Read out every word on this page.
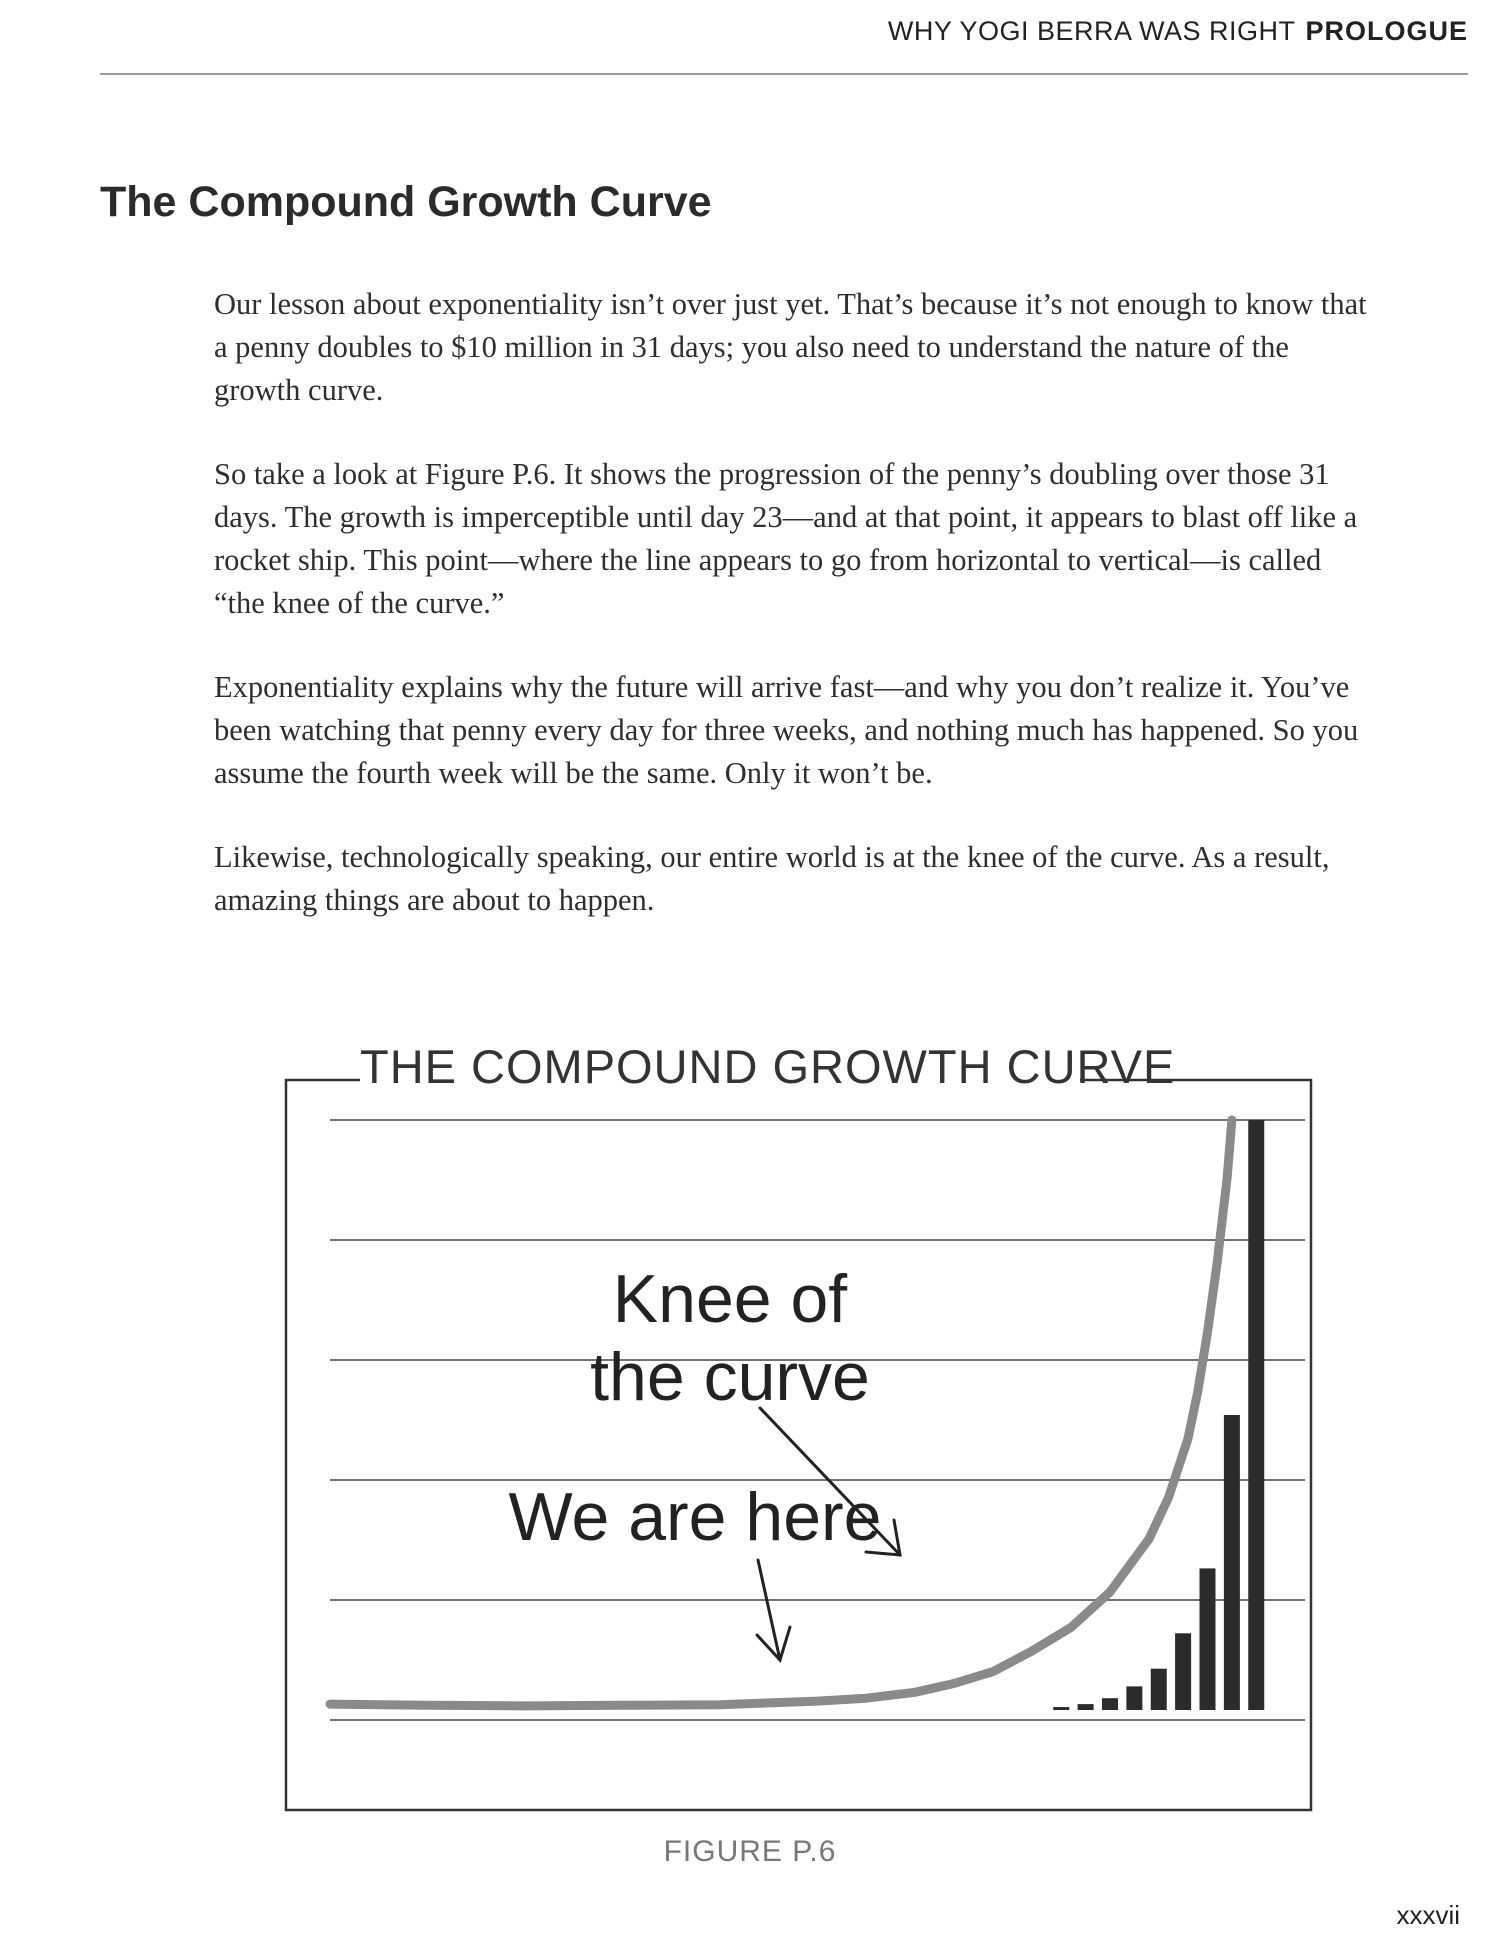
WHY YOGI BERRA WAS RIGHT PROLOGUE
The Compound Growth Curve

Our lesson about exponentiality isn’t over just yet. That’s because it’s not enough to know that a penny doubles to $10 million in 31 days; you also need to understand the nature of the growth curve.

So take a look at Figure P.6. It shows the progression of the penny’s doubling over those 31 days. The growth is imperceptible until day 23—and at that point, it appears to blast off like a rocket ship. This point—where the line appears to go from horizontal to vertical—is called “the knee of the curve.”

Exponentiality explains why the future will arrive fast—and why you don’t realize it. You’ve been watching that penny every day for three weeks, and nothing much has happened. So you assume the fourth week will be the same. Only it won’t be.

Likewise, technologically speaking, our entire world is at the knee of the curve. As a result, amazing things are about to happen.

THE COMPOUND GROWTH CURVE
Knee of
the curve
We are here
FIGURE P.6
xxxvii
